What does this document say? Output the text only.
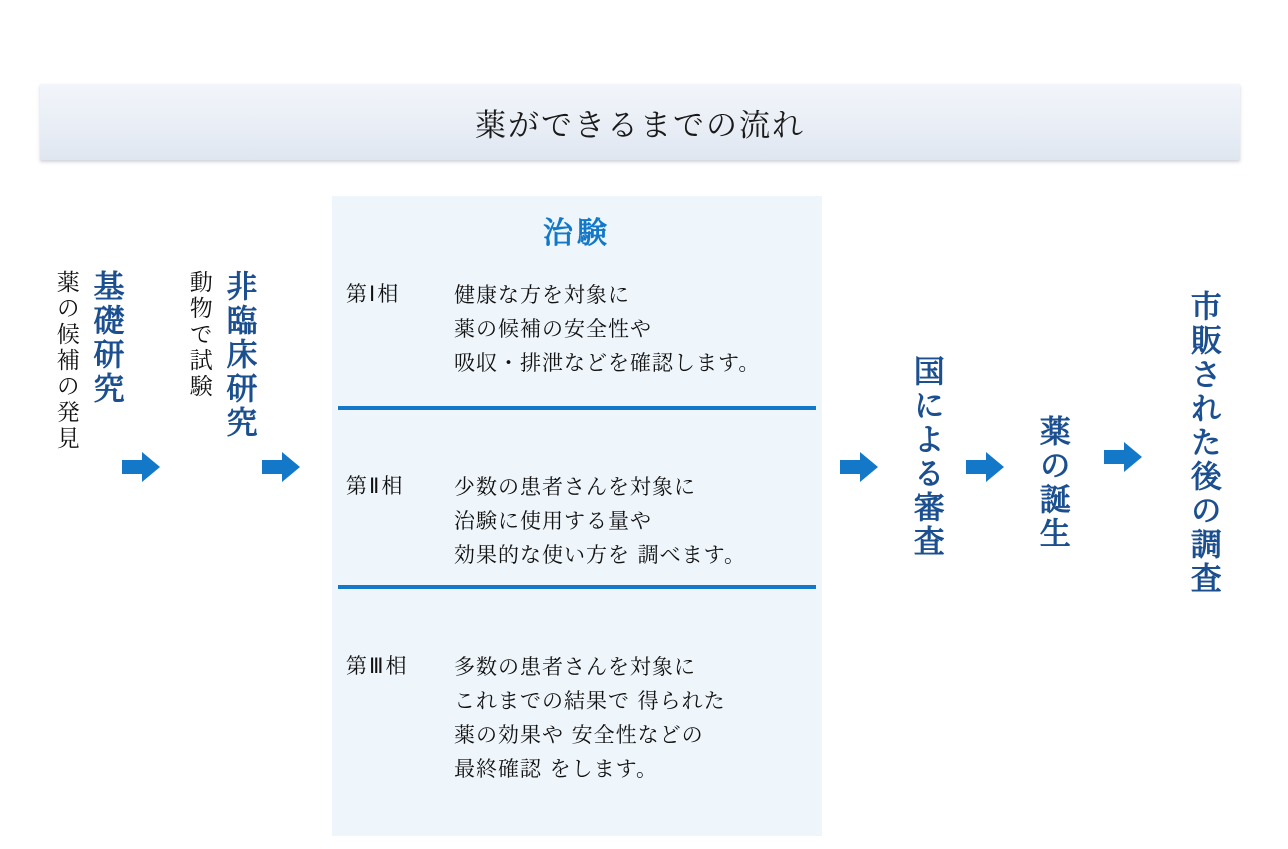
薬ができるまでの流れ
基礎研究
薬の候補の発見	非臨床研究
動物で試験
治験
第Ⅰ相	健康な方を対象に
薬の候補の安全性や
吸収・排泄などを確認します。
第Ⅱ相	少数の患者さんを対象に
治験に使用する量や
効果的な使い方を 調べます。
第Ⅲ相	多数の患者さんを対象に
これまでの結果で 得られた
薬の効果や 安全性などの
最終確認 をします。
国による審査	薬の誕生	市販された後の調査
